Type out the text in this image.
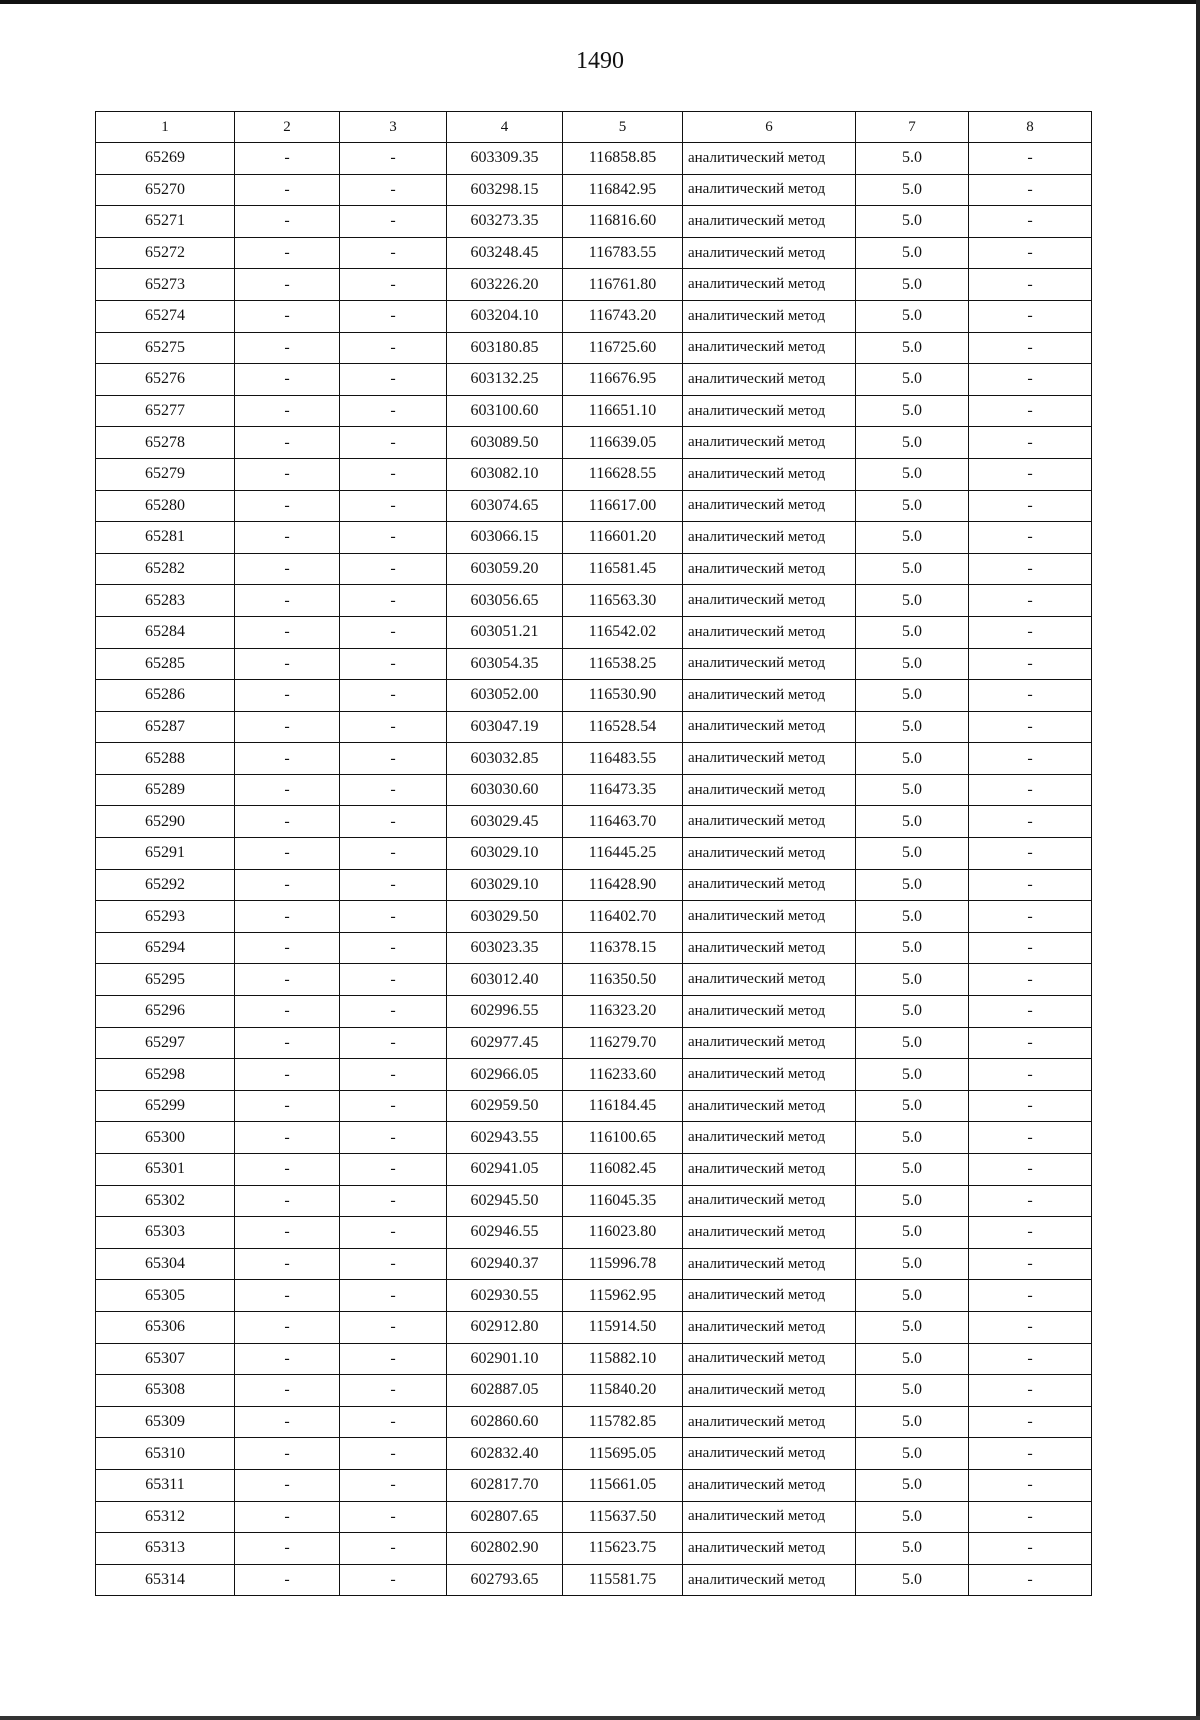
1490
1	2	3	4	5	6	7	8
65269	-	-	603309.35	116858.85	аналитический метод	5.0	-
65270	-	-	603298.15	116842.95	аналитический метод	5.0	-
65271	-	-	603273.35	116816.60	аналитический метод	5.0	-
65272	-	-	603248.45	116783.55	аналитический метод	5.0	-
65273	-	-	603226.20	116761.80	аналитический метод	5.0	-
65274	-	-	603204.10	116743.20	аналитический метод	5.0	-
65275	-	-	603180.85	116725.60	аналитический метод	5.0	-
65276	-	-	603132.25	116676.95	аналитический метод	5.0	-
65277	-	-	603100.60	116651.10	аналитический метод	5.0	-
65278	-	-	603089.50	116639.05	аналитический метод	5.0	-
65279	-	-	603082.10	116628.55	аналитический метод	5.0	-
65280	-	-	603074.65	116617.00	аналитический метод	5.0	-
65281	-	-	603066.15	116601.20	аналитический метод	5.0	-
65282	-	-	603059.20	116581.45	аналитический метод	5.0	-
65283	-	-	603056.65	116563.30	аналитический метод	5.0	-
65284	-	-	603051.21	116542.02	аналитический метод	5.0	-
65285	-	-	603054.35	116538.25	аналитический метод	5.0	-
65286	-	-	603052.00	116530.90	аналитический метод	5.0	-
65287	-	-	603047.19	116528.54	аналитический метод	5.0	-
65288	-	-	603032.85	116483.55	аналитический метод	5.0	-
65289	-	-	603030.60	116473.35	аналитический метод	5.0	-
65290	-	-	603029.45	116463.70	аналитический метод	5.0	-
65291	-	-	603029.10	116445.25	аналитический метод	5.0	-
65292	-	-	603029.10	116428.90	аналитический метод	5.0	-
65293	-	-	603029.50	116402.70	аналитический метод	5.0	-
65294	-	-	603023.35	116378.15	аналитический метод	5.0	-
65295	-	-	603012.40	116350.50	аналитический метод	5.0	-
65296	-	-	602996.55	116323.20	аналитический метод	5.0	-
65297	-	-	602977.45	116279.70	аналитический метод	5.0	-
65298	-	-	602966.05	116233.60	аналитический метод	5.0	-
65299	-	-	602959.50	116184.45	аналитический метод	5.0	-
65300	-	-	602943.55	116100.65	аналитический метод	5.0	-
65301	-	-	602941.05	116082.45	аналитический метод	5.0	-
65302	-	-	602945.50	116045.35	аналитический метод	5.0	-
65303	-	-	602946.55	116023.80	аналитический метод	5.0	-
65304	-	-	602940.37	115996.78	аналитический метод	5.0	-
65305	-	-	602930.55	115962.95	аналитический метод	5.0	-
65306	-	-	602912.80	115914.50	аналитический метод	5.0	-
65307	-	-	602901.10	115882.10	аналитический метод	5.0	-
65308	-	-	602887.05	115840.20	аналитический метод	5.0	-
65309	-	-	602860.60	115782.85	аналитический метод	5.0	-
65310	-	-	602832.40	115695.05	аналитический метод	5.0	-
65311	-	-	602817.70	115661.05	аналитический метод	5.0	-
65312	-	-	602807.65	115637.50	аналитический метод	5.0	-
65313	-	-	602802.90	115623.75	аналитический метод	5.0	-
65314	-	-	602793.65	115581.75	аналитический метод	5.0	-
